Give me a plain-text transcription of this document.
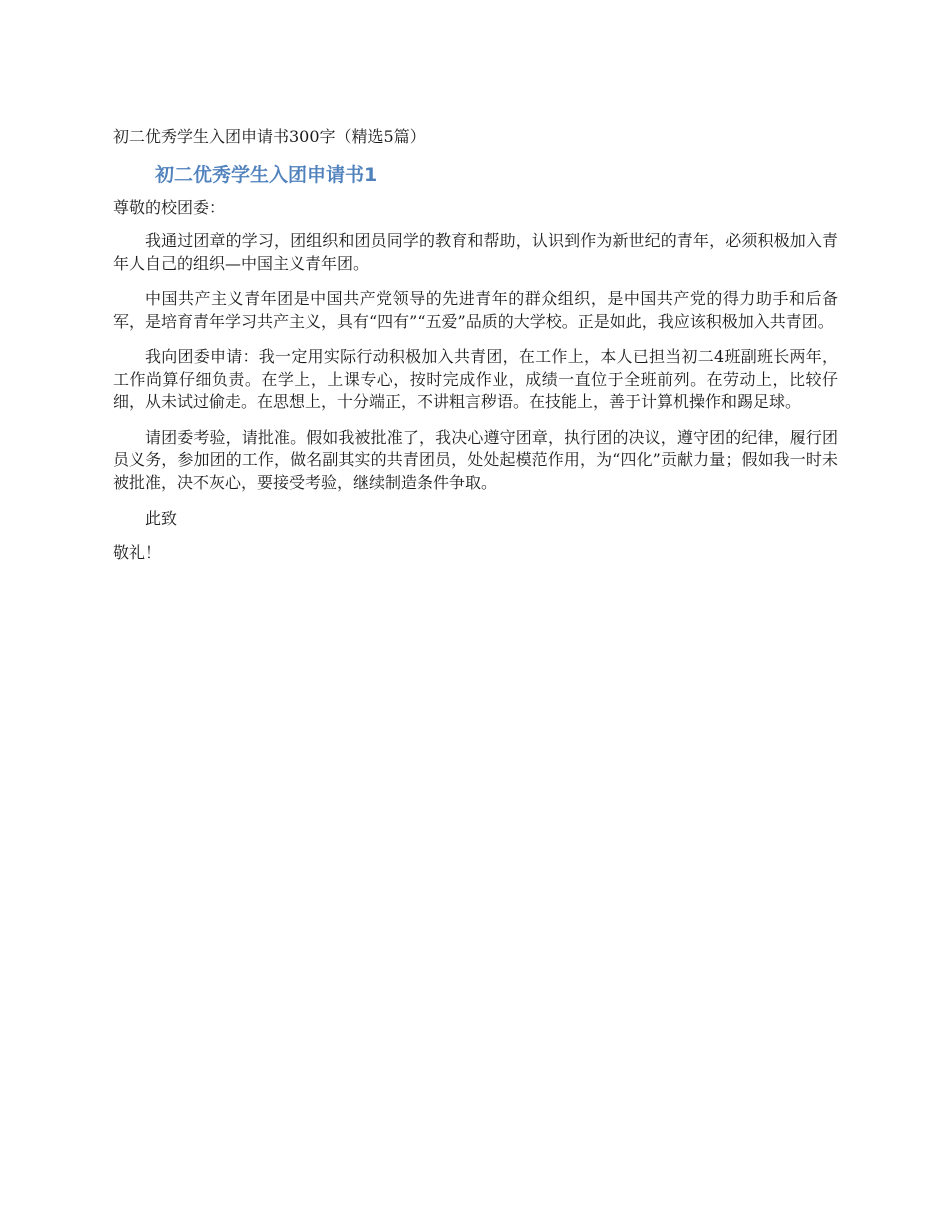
初二优秀学生入团申请书300字（精选5篇）
初二优秀学生入团申请书1
尊敬的校团委：

我通过团章的学习，团组织和团员同学的教育和帮助，认识到作为新世纪的青年，必须积极加入青年人自己的组织—中国主义青年团。

中国共产主义青年团是中国共产党领导的先进青年的群众组织，是中国共产党的得力助手和后备军，是培育青年学习共产主义，具有“四有”“五爱”品质的大学校。正是如此，我应该积极加入共青团。

我向团委申请：我一定用实际行动积极加入共青团，在工作上，本人已担当初二4班副班长两年，工作尚算仔细负责。在学上，上课专心，按时完成作业，成绩一直位于全班前列。在劳动上，比较仔细，从未试过偷走。在思想上，十分端正，不讲粗言秽语。在技能上，善于计算机操作和踢足球。

请团委考验，请批准。假如我被批准了，我决心遵守团章，执行团的决议，遵守团的纪律，履行团员义务，参加团的工作，做名副其实的共青团员，处处起模范作用，为“四化”贡献力量；假如我一时未被批准，决不灰心，要接受考验，继续制造条件争取。

此致
敬礼！
